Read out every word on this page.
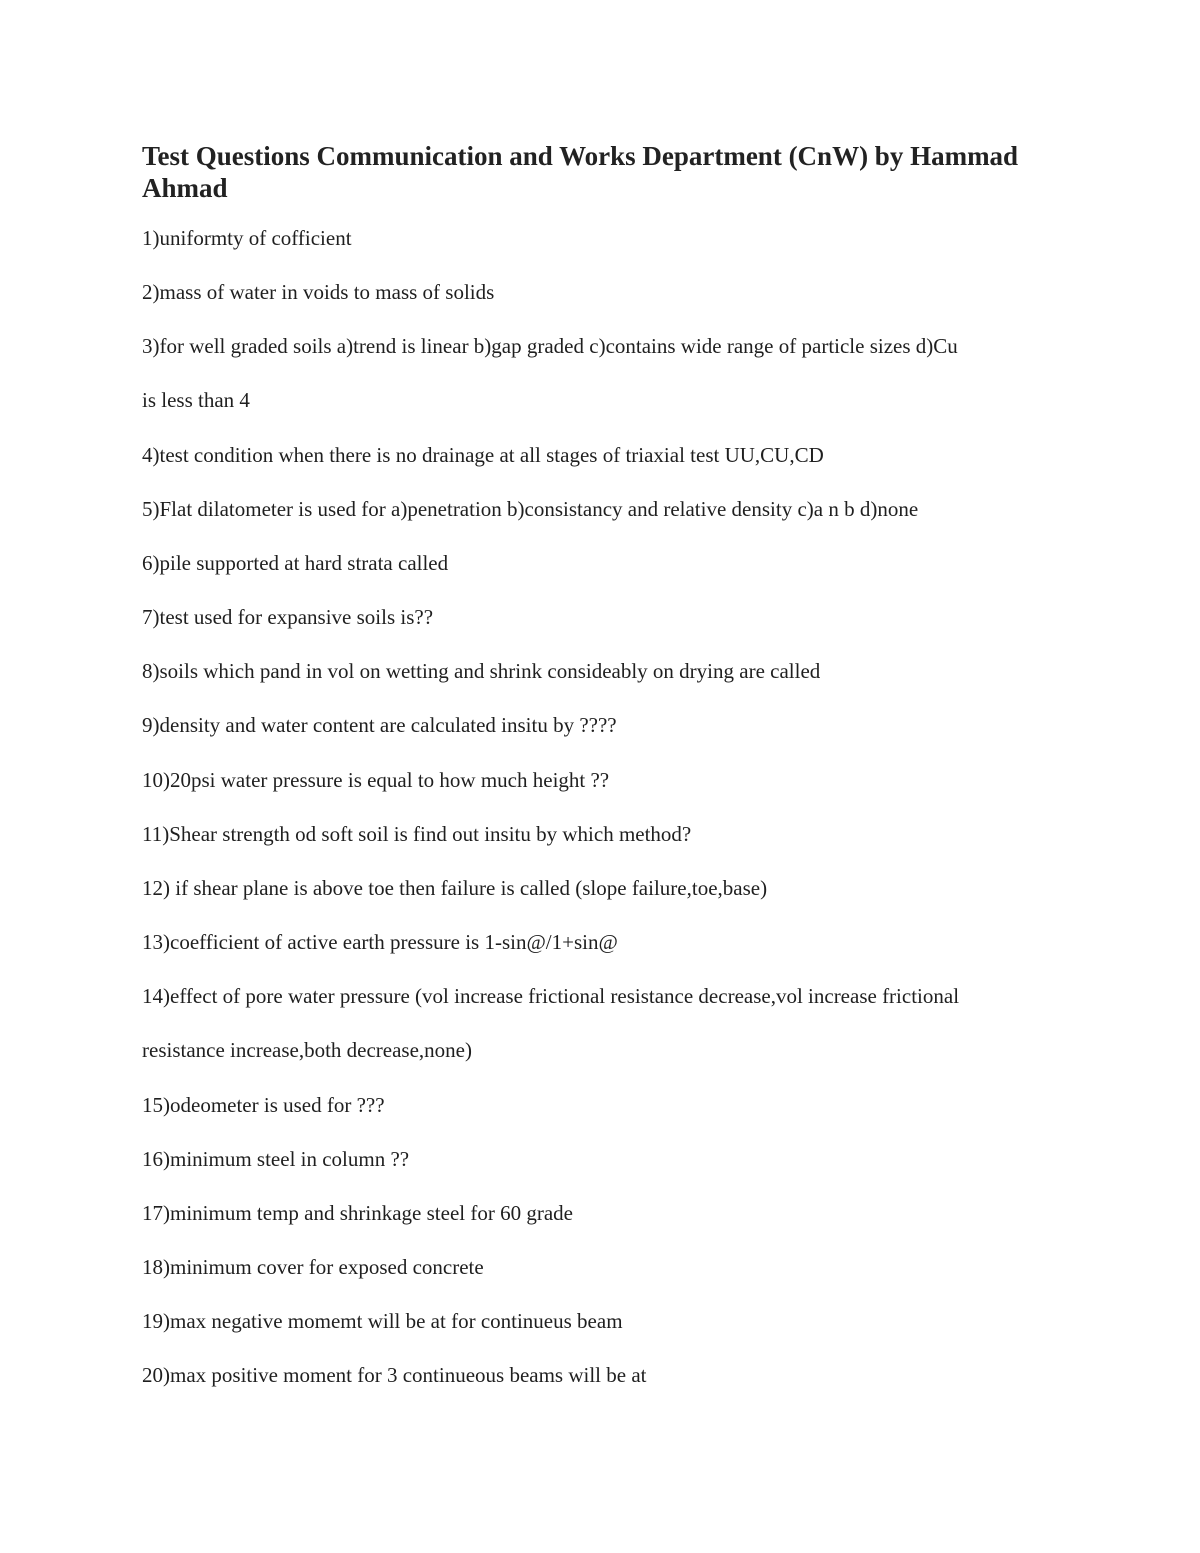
Test Questions Communication and Works Department (CnW) by Hammad Ahmad
1)uniformty of cofficient
2)mass of water in voids to mass of solids
3)for well graded soils a)trend is linear b)gap graded c)contains wide range of particle sizes d)Cu
is less than 4
4)test condition when there is no drainage at all stages of triaxial test UU,CU,CD
5)Flat dilatometer is used for a)penetration b)consistancy and relative density c)a n b d)none
6)pile supported at hard strata called
7)test used for expansive soils is??
8)soils which pand in vol on wetting and shrink consideably on drying are called
9)density and water content are calculated insitu by ????
10)20psi water pressure is equal to how much height ??
11)Shear strength od soft soil is find out insitu by which method?
12) if shear plane is above toe then failure is called (slope failure,toe,base)
13)coefficient of active earth pressure is 1-sin@/1+sin@
14)effect of pore water pressure (vol increase frictional resistance decrease,vol increase frictional
resistance increase,both decrease,none)
15)odeometer is used for ???
16)minimum steel in column ??
17)minimum temp and shrinkage steel for 60 grade
18)minimum cover for exposed concrete
19)max negative momemt will be at for continueus beam
20)max positive moment for 3 continueous beams will be at
